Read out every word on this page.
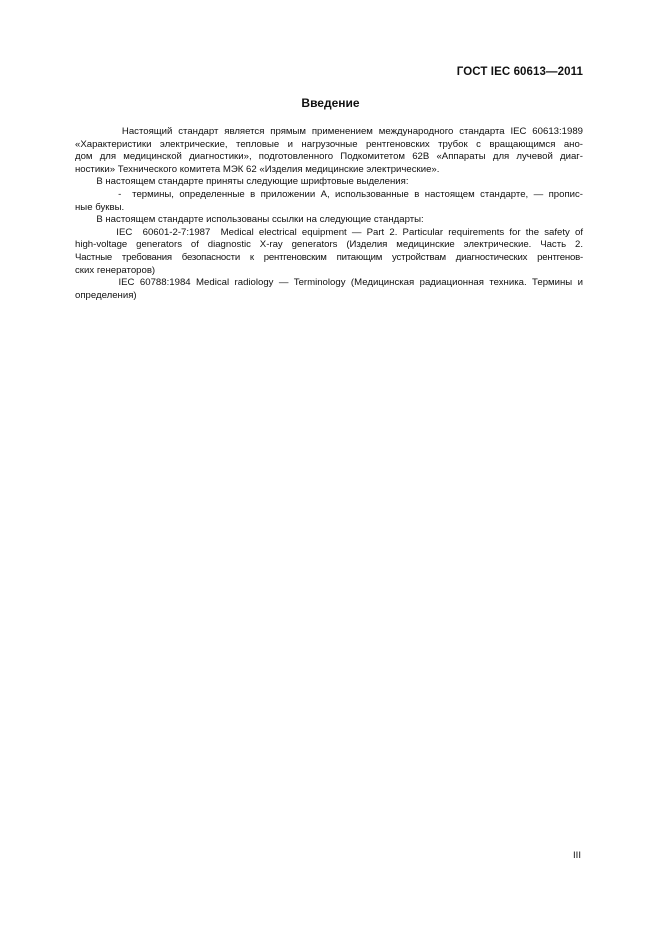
ГОСТ IEC 60613—2011
Введение

Настоящий стандарт является прямым применением международного стандарта IEC 60613:1989
«Характеристики электрические, тепловые и нагрузочные рентгеновских трубок с вращающимся ано-
дом для медицинской диагностики», подготовленного Подкомитетом 62В «Аппараты для лучевой диаг-
ностики» Технического комитета МЭК 62 «Изделия медицинские электрические».

В настоящем стандарте приняты следующие шрифтовые выделения:

-  термины, определенные в приложении А, использованные в настоящем стандарте, — пропис-
ные буквы.

В настоящем стандарте использованы ссылки на следующие стандарты:

IEC  60601-2-7:1987  Medical electrical equipment — Part 2. Particular requirements for the safety of
high-voltage generators of diagnostic X-ray generators (Изделия медицинские электрические. Часть 2.
Частные требования безопасности к рентгеновским питающим устройствам диагностических рентгенов-
ских генераторов)

IEC 60788:1984 Medical radiology — Terminology (Медицинская радиационная техника. Термины и
определения)

III
